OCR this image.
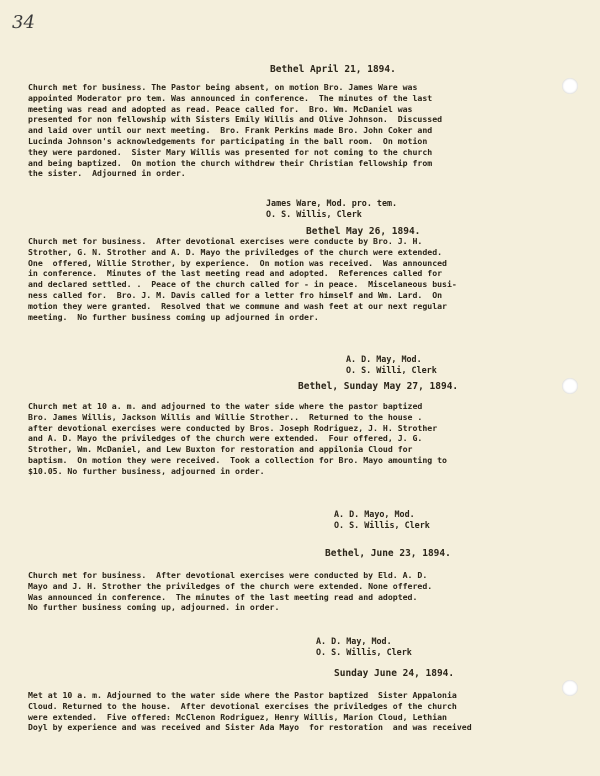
34
Bethel April 21, 1894.
Church met for business. The Pastor being absent, on motion Bro. James Ware was
appointed Moderator pro tem. Was announced in conference.  The minutes of the last
meeting was read and adopted as read. Peace called for.  Bro. Wm. McDaniel was
presented for non fellowship with Sisters Emily Willis and Olive Johnson.  Discussed
and laid over until our next meeting.  Bro. Frank Perkins made Bro. John Coker and
Lucinda Johnson's acknowledgements for participating in the ball room.  On motion
they were pardoned.  Sister Mary Willis was presented for not coming to the church
and being baptized.  On motion the church withdrew their Christian fellowship from
the sister.  Adjourned in order.
James Ware, Mod. pro. tem.
O. S. Willis, Clerk
Bethel May 26, 1894.
Church met for business.  After devotional exercises were conducte by Bro. J. H.
Strother, G. N. Strother and A. D. Mayo the priviledges of the church were extended.
One  offered, Willie Strother, by experience.  On motion was received.  Was announced
in conference.  Minutes of the last meeting read and adopted.  References called for
and declared settled. .  Peace of the church called for - in peace.  Miscelaneous busi-
ness called for.  Bro. J. M. Davis called for a letter fro himself and Wm. Lard.  On
motion they were granted.  Resolved that we commune and wash feet at our next regular
meeting.  No further business coming up adjourned in order.
A. D. May, Mod.
O. S. Willi, Clerk
Bethel, Sunday May 27, 1894.
Church met at 10 a. m. and adjourned to the water side where the pastor baptized
Bro. James Willis, Jackson Willis and Willie Strother..  Returned to the house .
after devotional exercises were conducted by Bros. Joseph Rodriguez, J. H. Strother
and A. D. Mayo the priviledges of the church were extended.  Four offered, J. G.
Strother, Wm. McDaniel, and Lew Buxton for restoration and appilonia Cloud for
baptism.  On motion they were received.  Took a collection for Bro. Mayo amounting to
$10.05. No further business, adjourned in order.
A. D. Mayo, Mod.
O. S. Willis, Clerk
Bethel, June 23, 1894.
Church met for business.  After devotional exercises were conducted by Eld. A. D.
Mayo and J. H. Strother the priviledges of the church were extended. None offered.
Was announced in conference.  The minutes of the last meeting read and adopted.
No further business coming up, adjourned. in order.
A. D. May, Mod.
O. S. Willis, Clerk
Sunday June 24, 1894.
Met at 10 a. m. Adjourned to the water side where the Pastor baptized  Sister Appalonia
Cloud. Returned to the house.  After devotional exercises the priviledges of the church
were extended.  Five offered: McClenon Rodriguez, Henry Willis, Marion Cloud, Lethian
Doyl by experience and was received and Sister Ada Mayo  for restoration  and was received
